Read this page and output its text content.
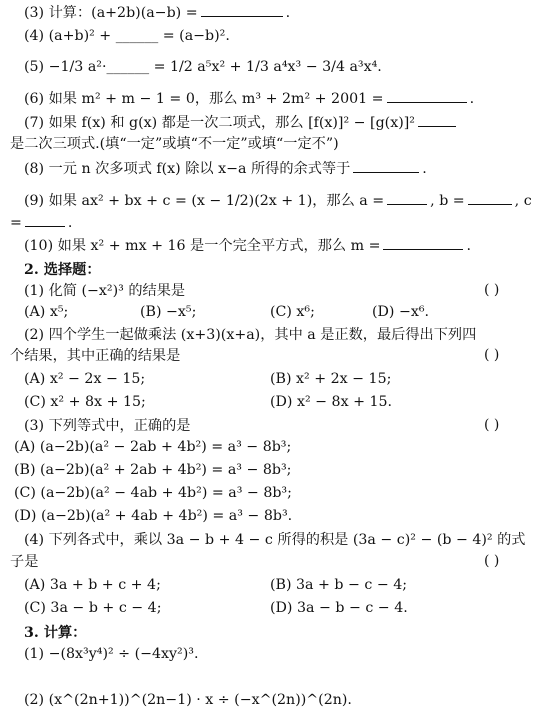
(3) 计算：(a+2b)(a−b) =	.
(4) (a+b)² + ______ = (a−b)².
(5) −1/3 a²·______ = 1/2 a⁵x² + 1/3 a⁴x³ − 3/4 a³x⁴.
(6) 如果 m² + m − 1 = 0，那么 m³ + 2m² + 2001 =	.
(7) 如果 f(x) 和 g(x) 都是一次二项式，那么 [f(x)]² − [g(x)]²
是二次三项式.(填“一定”或填“不一定”或填“一定不”)
(8) 一元 n 次多项式 f(x) 除以 x−a 所得的余式等于	.
(9) 如果 ax² + bx + c = (x − 1/2)(2x + 1)，那么 a =	, b =	, c
=	.
(10) 如果 x² + mx + 16 是一个完全平方式，那么 m =	.
2. 选择题：
(1) 化简 (−x²)³ 的结果是	( )
(A) x⁵;	(B) −x⁵;	(C) x⁶;	(D) −x⁶.
(2) 四个学生一起做乘法 (x+3)(x+a)，其中 a 是正数，最后得出下列四
个结果，其中正确的结果是	( )
(A) x² − 2x − 15;	(B) x² + 2x − 15;
(C) x² + 8x + 15;	(D) x² − 8x + 15.
(3) 下列等式中，正确的是	( )
(A) (a−2b)(a² − 2ab + 4b²) = a³ − 8b³;
(B) (a−2b)(a² + 2ab + 4b²) = a³ − 8b³;
(C) (a−2b)(a² − 4ab + 4b²) = a³ − 8b³;
(D) (a−2b)(a² + 4ab + 4b²) = a³ − 8b³.
(4) 下列各式中，乘以 3a − b + 4 − c 所得的积是 (3a − c)² − (b − 4)² 的式
子是	( )
(A) 3a + b + c + 4;	(B) 3a + b − c − 4;
(C) 3a − b + c − 4;	(D) 3a − b − c − 4.
3. 计算：
(1) −(8x³y⁴)² ÷ (−4xy²)³.
(2) (x^(2n+1))^(2n−1) · x ÷ (−x^(2n))^(2n).
